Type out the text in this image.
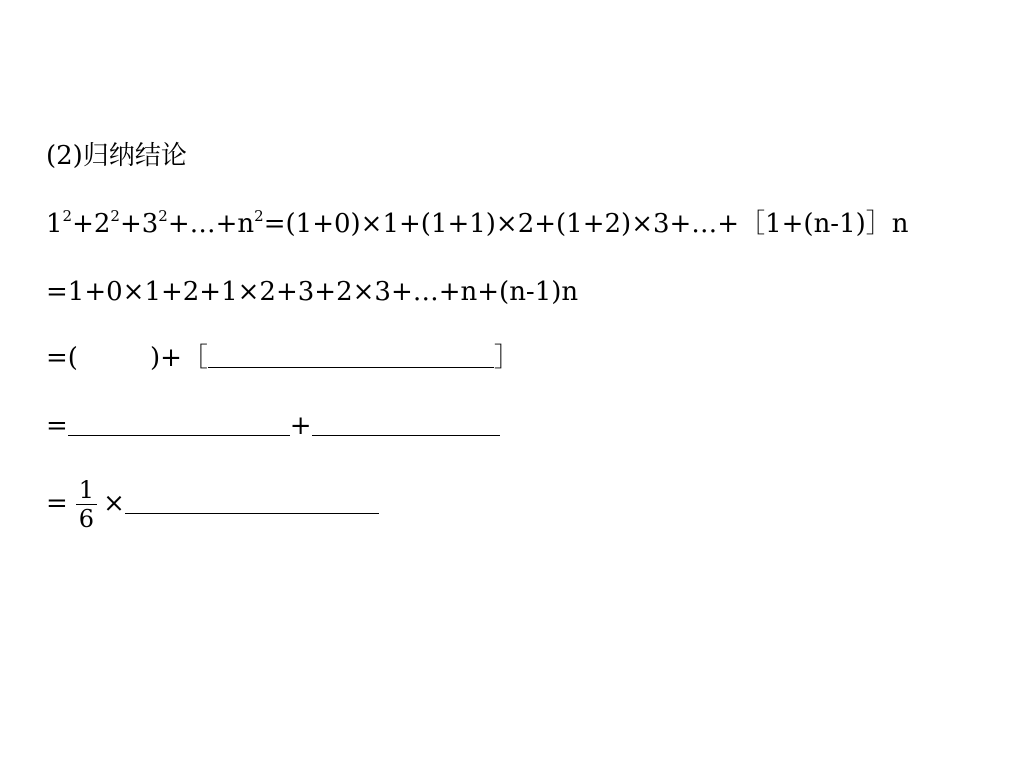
(2)归纳结论
$1^2+2^2+3^2+\dots+n^2=(1+0)\times 1+(1+1)\times 2+(1+2)\times 3+\dots+[1+(n-1)]n$
=1+0×1+2+1×2+3+2×3+…+n+(n-1)n
=(	)+［	］
=	+
= $\frac{1}{6}$ ×
